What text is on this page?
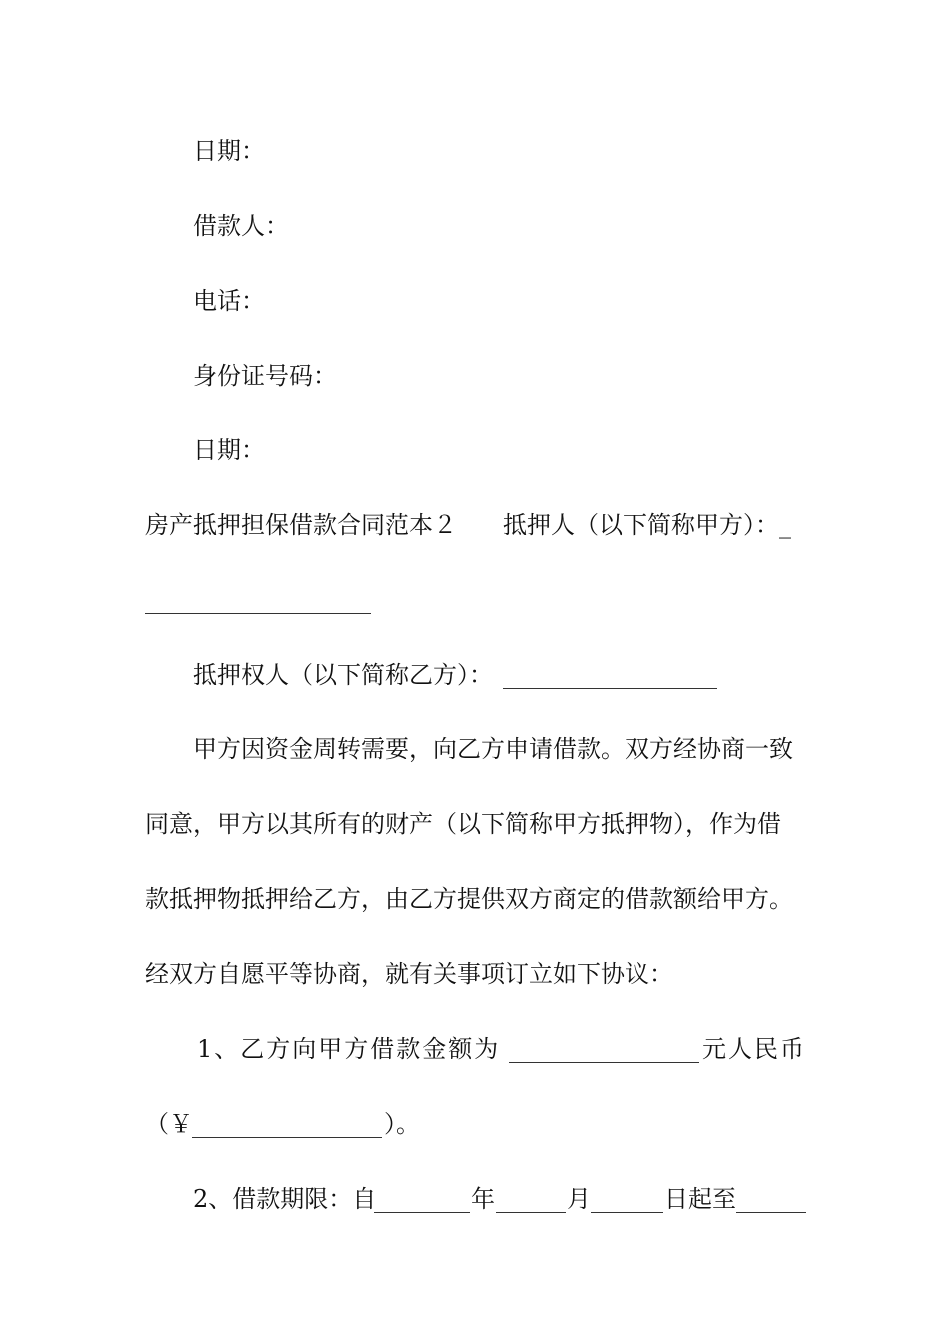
日期：
借款人：
电话：
身份证号码：
日期：
房产抵押担保借款合同范本２ 抵押人（以下简称甲方）：_
抵押权人（以下简称乙方）：
甲方因资金周转需要，向乙方申请借款。双方经协商一致
同意，甲方以其所有的财产（以下简称甲方抵押物），作为借
款抵押物抵押给乙方，由乙方提供双方商定的借款额给甲方。
经双方自愿平等协商，就有关事项订立如下协议：
1、乙方向甲方借款金额为	元人民币
（￥	）。
2、借款期限：自	年	月	日起至
